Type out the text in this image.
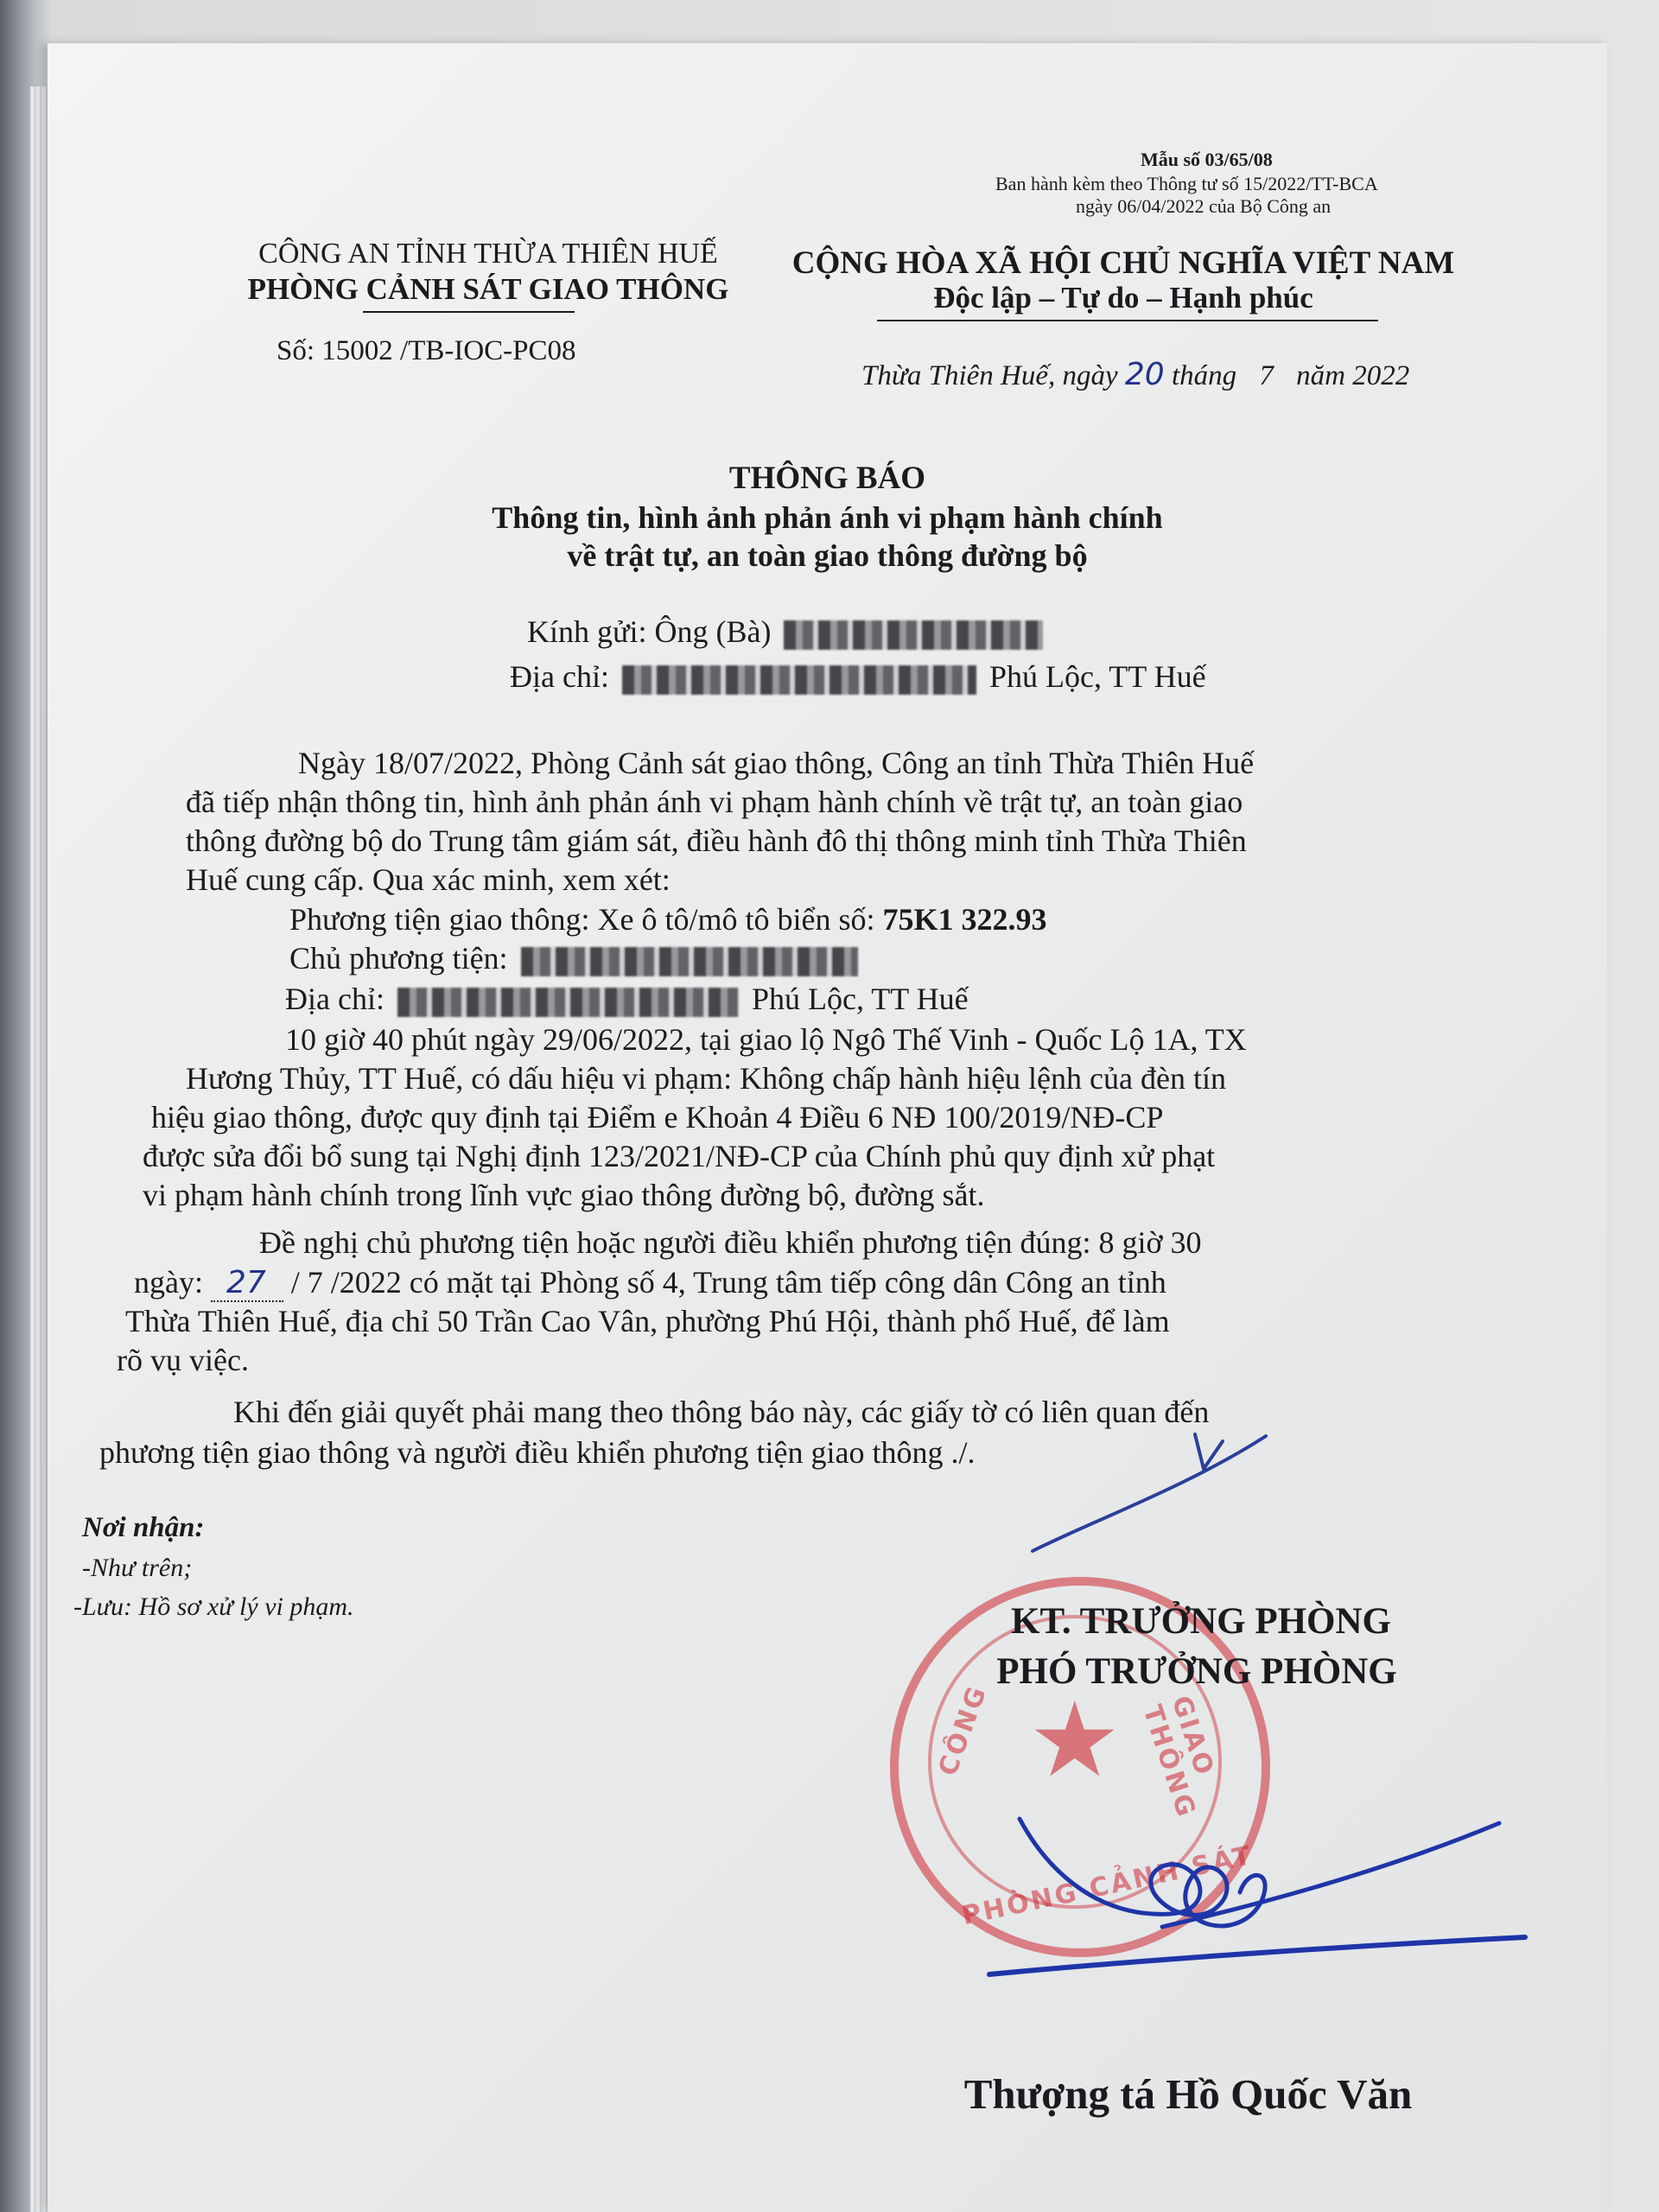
Mẫu số 03/65/08
Ban hành kèm theo Thông tư số 15/2022/TT-BCA
ngày 06/04/2022 của Bộ Công an
CÔNG AN TỈNH THỪA THIÊN HUẾ
PHÒNG CẢNH SÁT GIAO THÔNG
Số: 15002 /TB-IOC-PC08
CỘNG HÒA XÃ HỘI CHỦ NGHĨA VIỆT NAM
Độc lập – Tự do – Hạnh phúc
Thừa Thiên Huế, ngày 20 tháng 7 năm 2022
THÔNG BÁO
Thông tin, hình ảnh phản ánh vi phạm hành chính
về trật tự, an toàn giao thông đường bộ
Kính gửi: Ông (Bà)
Địa chỉ:	Phú Lộc, TT Huế
Ngày 18/07/2022, Phòng Cảnh sát giao thông, Công an tỉnh Thừa Thiên Huế
đã tiếp nhận thông tin, hình ảnh phản ánh vi phạm hành chính về trật tự, an toàn giao
thông đường bộ do Trung tâm giám sát, điều hành đô thị thông minh tỉnh Thừa Thiên
Huế cung cấp. Qua xác minh, xem xét:
Phương tiện giao thông: Xe ô tô/mô tô biển số: 75K1 322.93
Chủ phương tiện:
Địa chỉ:	Phú Lộc, TT Huế
10 giờ 40 phút ngày 29/06/2022, tại giao lộ Ngô Thế Vinh - Quốc Lộ 1A, TX
Hương Thủy, TT Huế, có dấu hiệu vi phạm: Không chấp hành hiệu lệnh của đèn tín
hiệu giao thông, được quy định tại Điểm e Khoản 4 Điều 6 NĐ 100/2019/NĐ-CP
được sửa đổi bổ sung tại Nghị định 123/2021/NĐ-CP của Chính phủ quy định xử phạt
vi phạm hành chính trong lĩnh vực giao thông đường bộ, đường sắt.
Đề nghị chủ phương tiện hoặc người điều khiển phương tiện đúng: 8 giờ 30
ngày: 27 / 7 /2022 có mặt tại Phòng số 4, Trung tâm tiếp công dân Công an tỉnh
Thừa Thiên Huế, địa chỉ 50 Trần Cao Vân, phường Phú Hội, thành phố Huế, để làm
rõ vụ việc.
Khi đến giải quyết phải mang theo thông báo này, các giấy tờ có liên quan đến
phương tiện giao thông và người điều khiển phương tiện giao thông ./.
Nơi nhận:
-Như trên;
-Lưu: Hồ sơ xử lý vi phạm.
★
CÔNG
PHÒNG CẢNH SÁT
GIAO THÔNG
KT. TRƯỞNG PHÒNG
PHÓ TRƯỞNG PHÒNG
Thượng tá Hồ Quốc Văn
